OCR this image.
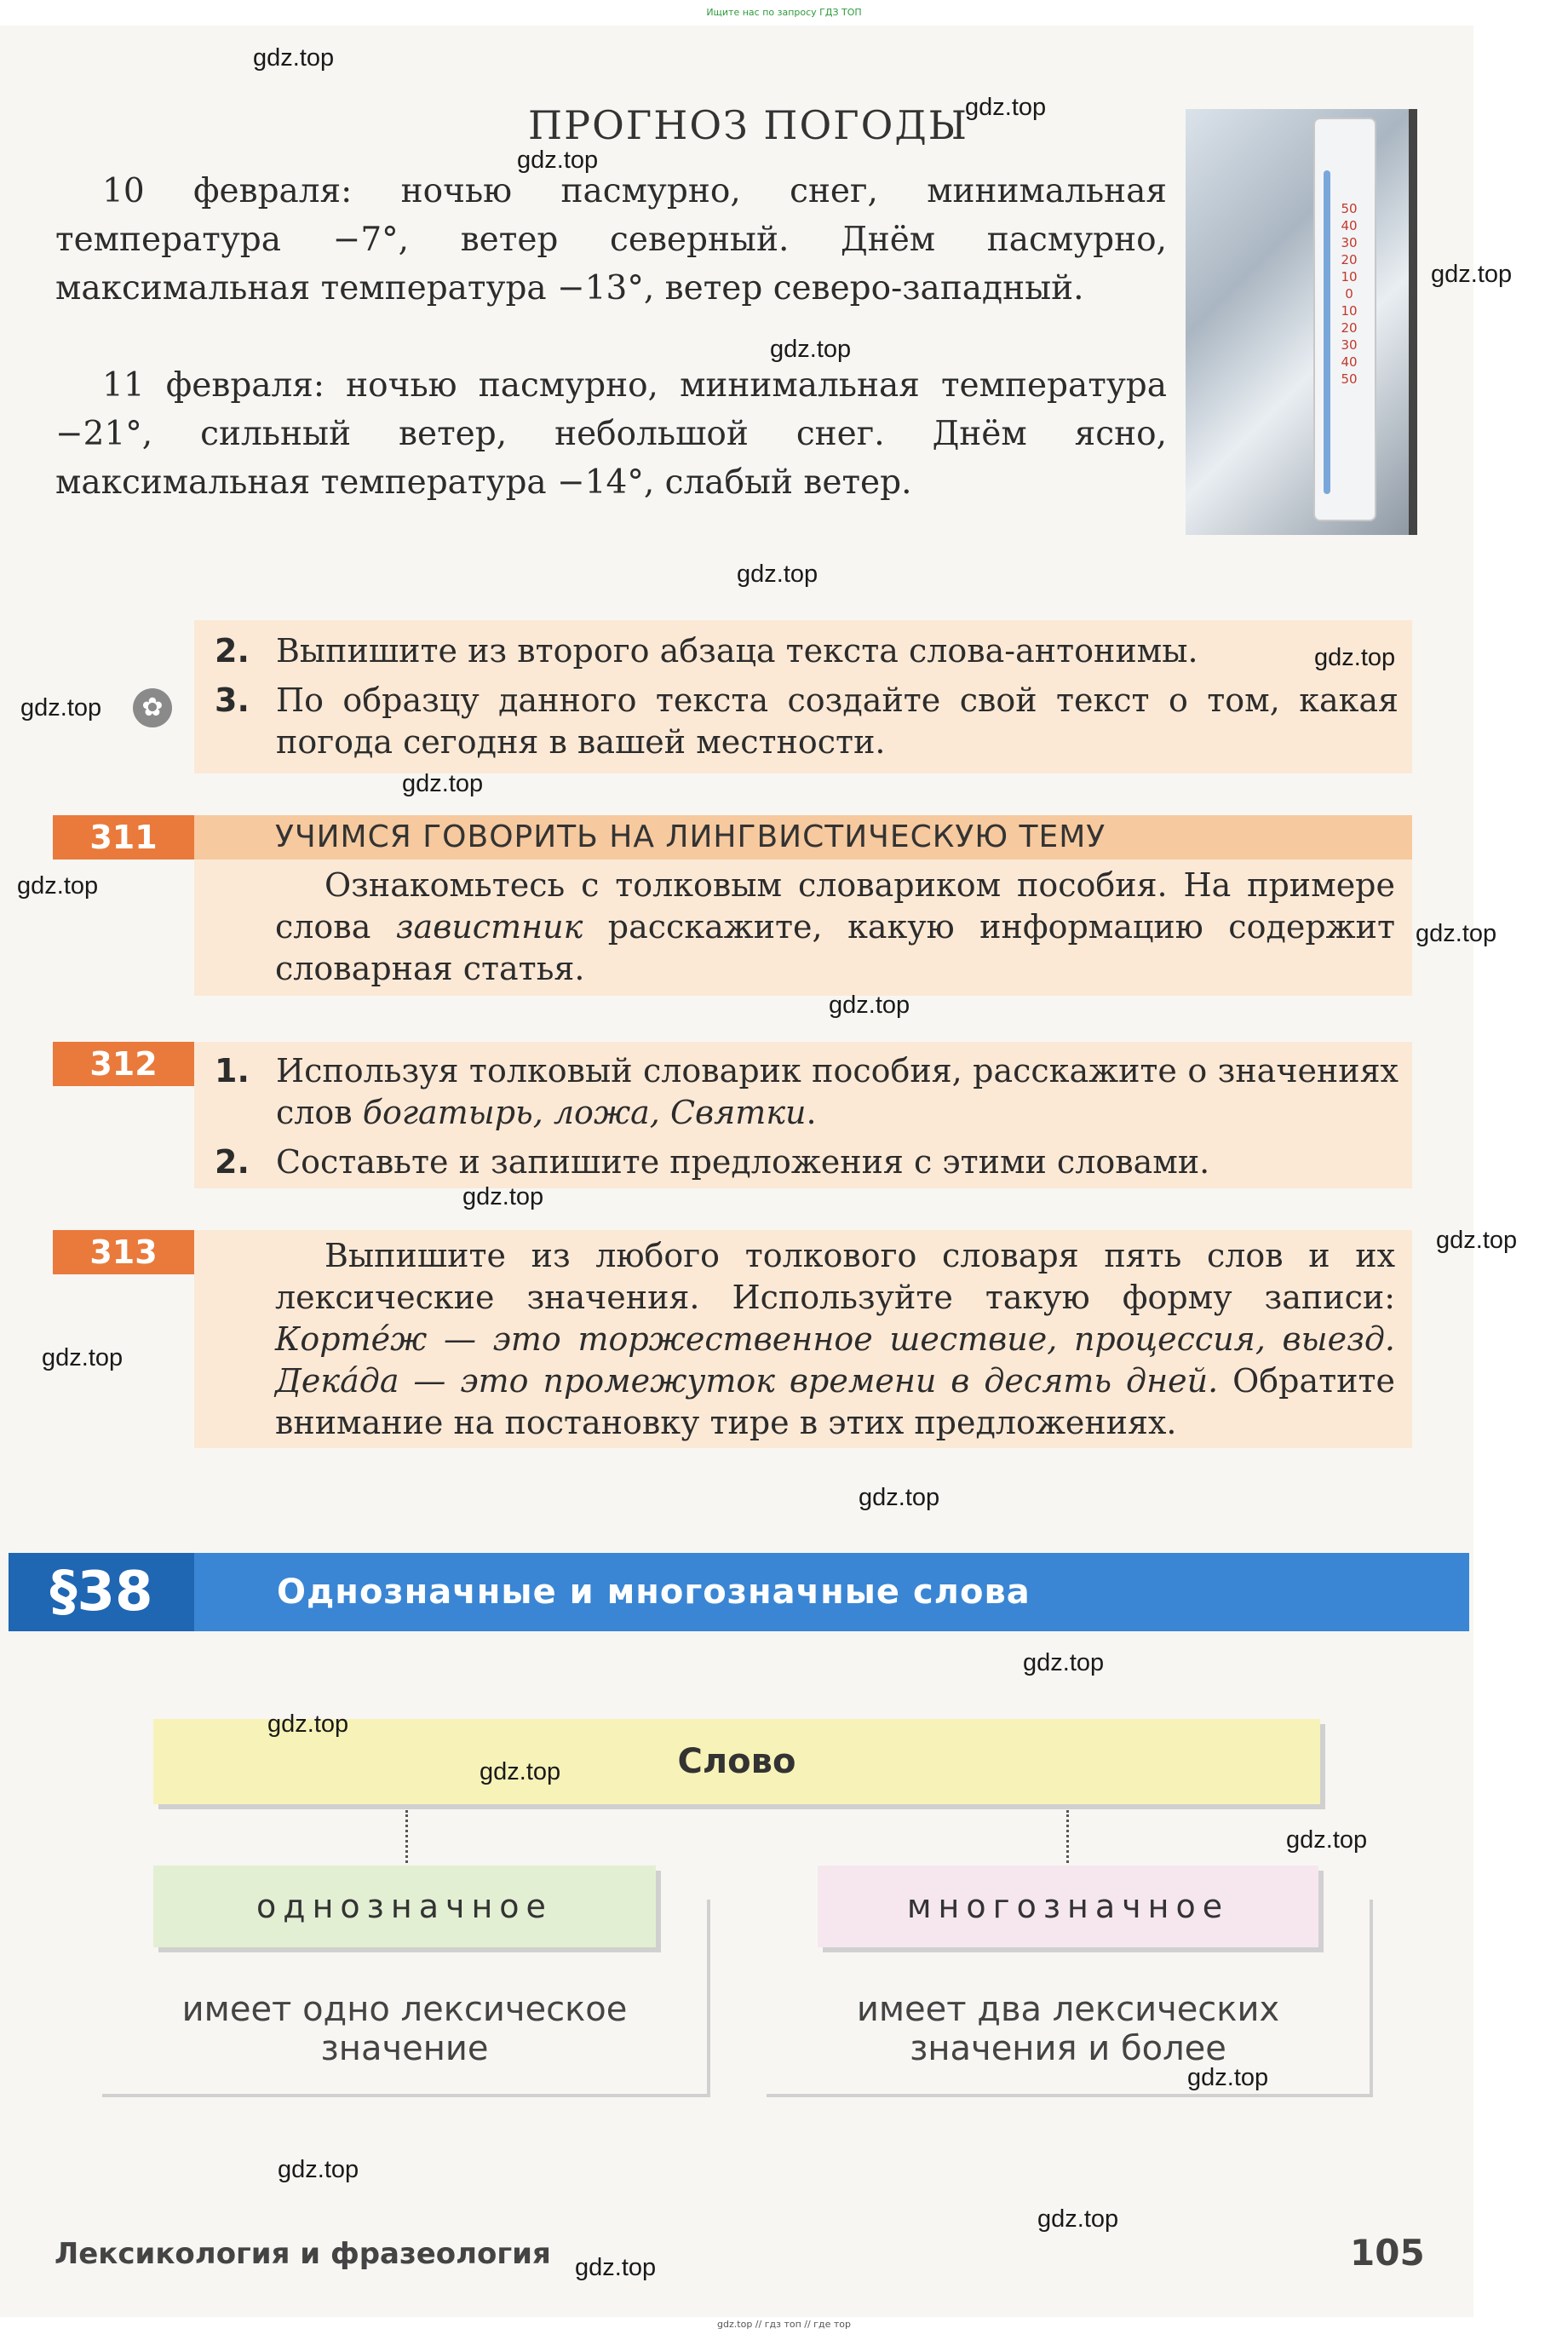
Ищите нас по запросу ГДЗ ТОП
ПРОГНОЗ ПОГОДЫ
10 февраля: ночью пасмурно, снег, минимальная температура −7°, ветер северный. Днём пасмурно, максимальная температура −13°, ветер северо-западный.
11 февраля: ночью пасмурно, минимальная температура −21°, сильный ветер, небольшой снег. Днём ясно, максимальная температура −14°, слабый ветер.
50
40
30
20
10
0
10
20
30
40
50
✿
2. Выпишите из второго абзаца текста слова-антонимы.
3. По образцу данного текста создайте свой текст о том, какая погода сегодня в вашей местности.
311	УЧИМСЯ ГОВОРИТЬ НА ЛИНГВИСТИЧЕСКУЮ ТЕМУ
Ознакомьтесь с толковым словариком пособия. На примере слова завистник расскажите, какую информацию содержит словарная статья.
312	1. Используя толковый словарик пособия, расскажите о значениях слов богатырь, ложа, Святки.
2. Составьте и запишите предложения с этими словами.
313	Выпишите из любого толкового словаря пять слов и их лексические значения. Используйте такую форму записи: Кортéж — это торжественное шествие, процессия, выезд. Декáда — это промежуток времени в десять дней. Обратите внимание на постановку тире в этих предложениях.
§38	Однозначные и многозначные слова
Слово
имеет одно лексическое значение
однозначное
имеет два лексических значения и более
многозначное
Лексикология и фразеология	105
gdz.top
gdz.top
gdz.top
gdz.top
gdz.top
gdz.top
gdz.top
gdz.top
gdz.top
gdz.top
gdz.top
gdz.top
gdz.top
gdz.top
gdz.top
gdz.top
gdz.top
gdz.top
gdz.top
gdz.top
gdz.top
gdz.top
gdz.top
gdz.top
gdz.top // гдз топ // где тор
